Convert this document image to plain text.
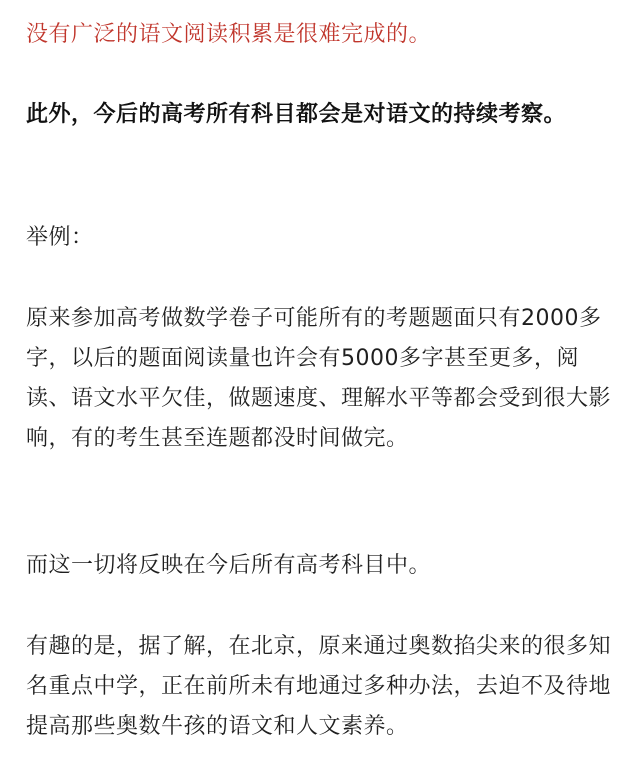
没有广泛的语文阅读积累是很难完成的。

此外，今后的高考所有科目都会是对语文的持续考察。

举例：

原来参加高考做数学卷子可能所有的考题题面只有2000多字，以后的题面阅读量也许会有5000多字甚至更多，阅读、语文水平欠佳，做题速度、理解水平等都会受到很大影响，有的考生甚至连题都没时间做完。

而这一切将反映在今后所有高考科目中。

有趣的是，据了解，在北京，原来通过奥数掐尖来的很多知名重点中学，正在前所未有地通过多种办法，去迫不及待地提高那些奥数牛孩的语文和人文素养。
